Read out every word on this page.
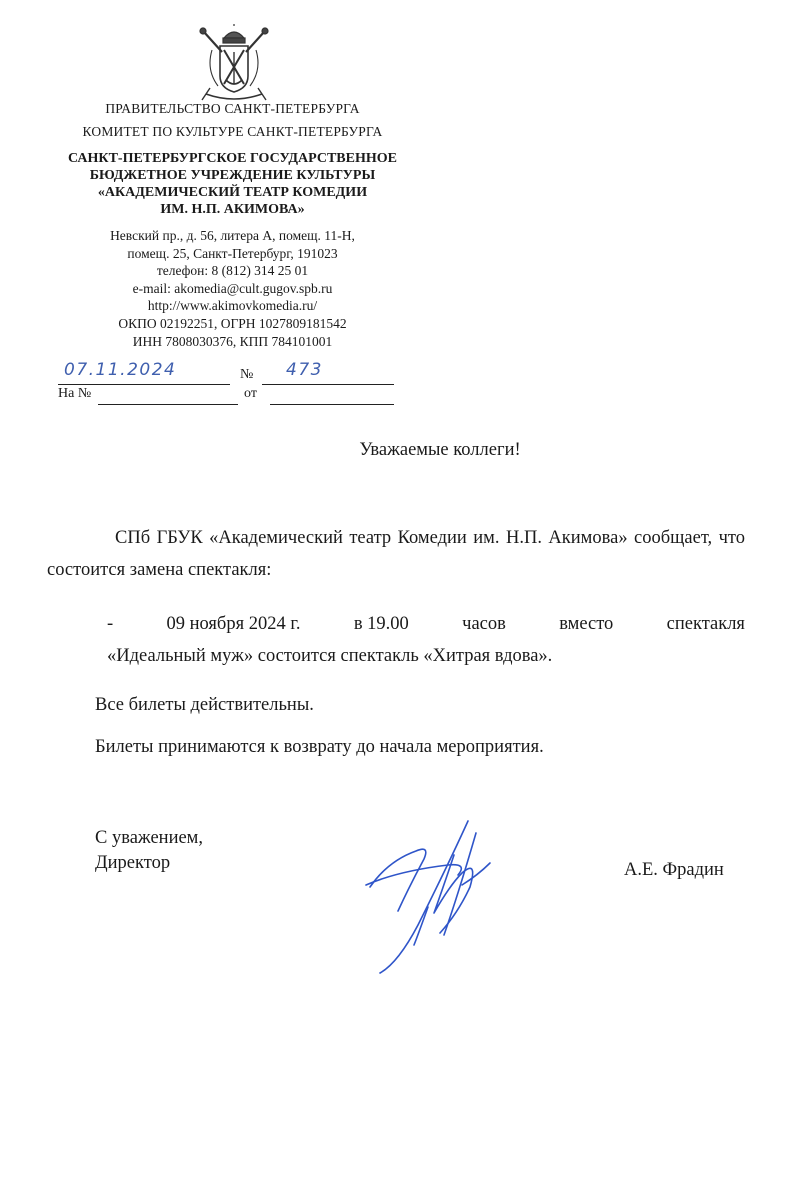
ПРАВИТЕЛЬСТВО САНКТ-ПЕТЕРБУРГА
КОМИТЕТ ПО КУЛЬТУРЕ САНКТ-ПЕТЕРБУРГА
САНКТ-ПЕТЕРБУРГСКОЕ ГОСУДАРСТВЕННОЕ
БЮДЖЕТНОЕ УЧРЕЖДЕНИЕ КУЛЬТУРЫ
«АКАДЕМИЧЕСКИЙ ТЕАТР КОМЕДИИ
ИМ. Н.П. АКИМОВА»
Невский пр., д. 56, литера А, помещ. 11-Н,
помещ. 25, Санкт-Петербург, 191023
телефон: 8 (812) 314 25 01
e-mail: akomedia@cult.gugov.spb.ru
http://www.akimovkomedia.ru/
ОКПО 02192251, ОГРН 1027809181542
ИНН 7808030376, КПП 784101001
07.11.2024	№ 473
На №	от
Уважаемые коллеги!
СПб ГБУК «Академический театр Комедии им. Н.П. Акимова» сообщает, что состоится замена спектакля:
-	09 ноября 2024 г.	в 19.00	часов	вместо	спектакля
«Идеальный муж» состоится спектакль «Хитрая вдова».
Все билеты действительны.
Билеты принимаются к возврату до начала мероприятия.
С уважением,
Директор	А.Е. Фрадин
